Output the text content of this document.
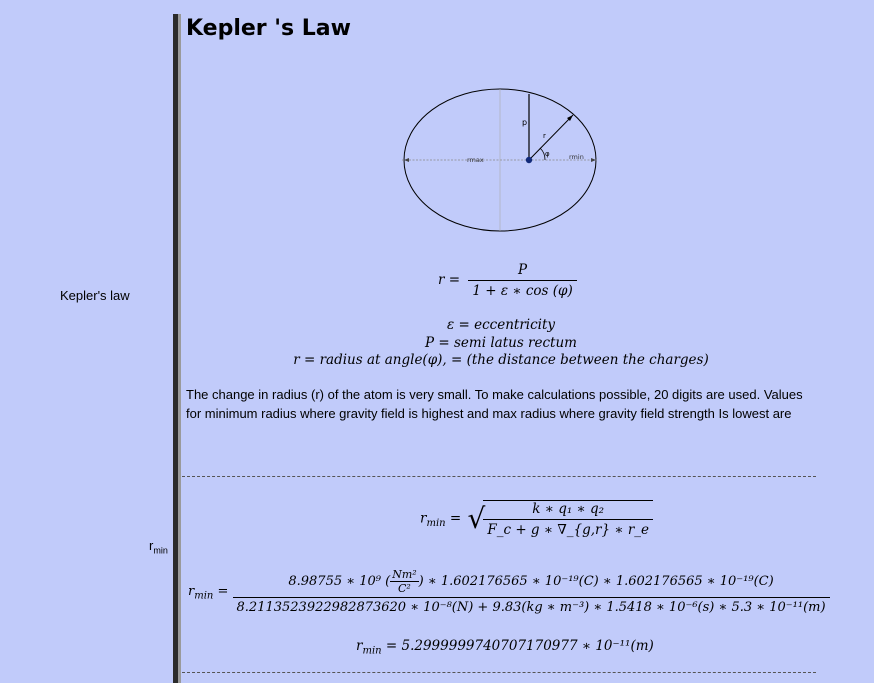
Kepler's law
$r_{min}$
Kepler 's Law
p
r
φ
rmax	rmin
$r = \frac{P}{1 + \varepsilon ∗ \cos (\varphi)}$
ε = eccentricity
P = semi latus rectum
r = radius at angle(φ), = (the distance between the charges)
The change in radius (r) of the atom is very small. To make calculations possible, 20 digits are used. Values for minimum radius where gravity field is highest and max radius where gravity field strength Is lowest are
$r_{min}$ = √
$\frac{\text{k ∗ q₁ ∗ q₂}}{F\_c + g ∗ \nabla\_\{g,r\} ∗ r\_e}$
$r_{min}$ =
8.98755 ∗ 10⁹ ( $\frac{\text{Nm²}}{\text{C²}}$ ) ∗ 1.602176565 ∗ 10⁻¹⁹(C) ∗ 1.602176565 ∗ 10⁻¹⁹(C)
8.2113523922982873620 ∗ 10⁻⁸(N) + 9.83(kg ∗ m⁻³) ∗ 1.5418 ∗ 10⁻⁶(s) ∗ 5.3 ∗ 10⁻¹¹(m)
$r_{min} = 5.2999999740707170977$ ∗ 10⁻¹¹(m)
